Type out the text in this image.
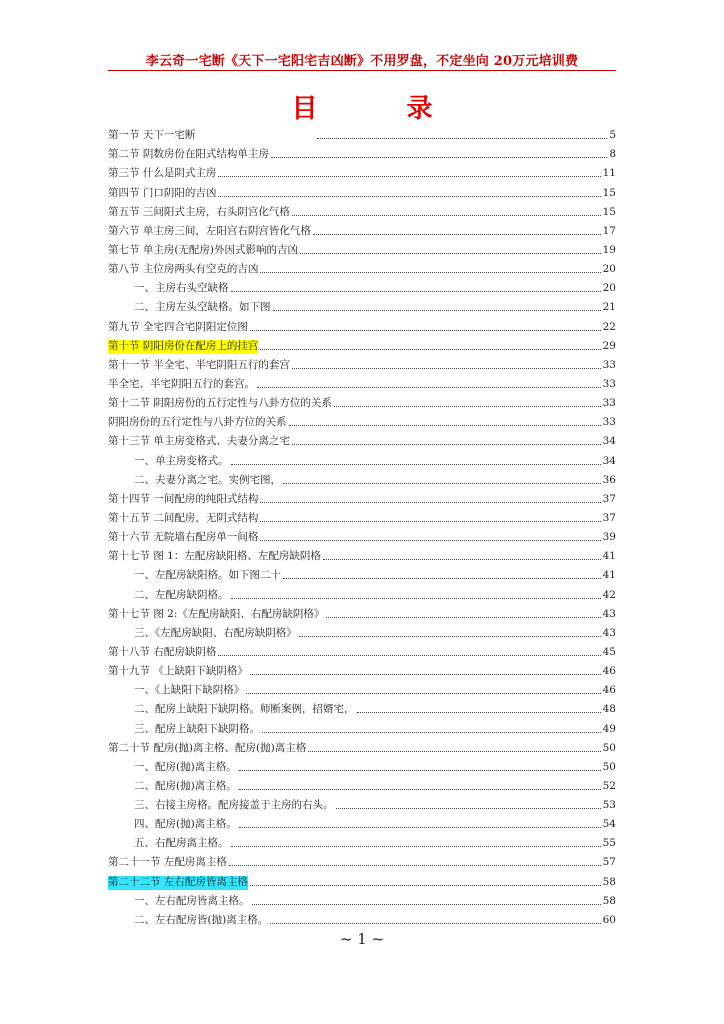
李云奇一宅断《天下一宅阳宅吉凶断》不用罗盘，不定坐向 20万元培训费
目 录
第一节 天下一宅断	5
第二节 阴数房份在阳式结构单主房	8
第三节 什么是阴式主房	11
第四节 门口阴阳的吉凶	15
第五节 三间阳式主房，右头阴宫化气格	15
第六节 单主房三间，左阳宫右阴宫皆化气格	17
第七节 单主房(无配房)外因式影响的吉凶	19
第八节 主位房两头有空克的吉凶	20
一、主房右头空缺格	20
二、主房左头空缺格。如下图	21
第九节 全宅四合宅阴阳定位图	22
第十节 阴阳房份在配房上的挂宫	29
第十一节 半全宅、半宅阴阳五行的套宫	33
半全宅、半宅阴阳五行的套宫。	33
第十二节 阴阳房份的五行定性与八卦方位的关系	33
阴阳房份的五行定性与八卦方位的关系	33
第十三节 单主房变格式、夫妻分离之宅	34
一、单主房变格式。	34
二、夫妻分离之宅。实例宅图，	36
第十四节 一间配房的纯阳式结构	37
第十五节 二间配房，无阴式结构	37
第十六节 无院墙右配房单一间格	39
第十七节 图 1：左配房缺阳格、左配房缺阴格	41
一、左配房缺阳格。如下图二十	41
二、左配房缺阴格。	42
第十七节 图 2:《左配房缺阳、右配房缺阴格》	43
三、《左配房缺阳、右配房缺阴格》	43
第十八节 右配房缺阴格	45
第十九节 《上缺阳下缺阴格》	46
一、《上缺阳下缺阴格》	46
二、配房上缺阳下缺阴格。师断案例，招婿宅，	48
三、配房上缺阳下缺阴格。	49
第二十节 配房(抛)离主格、配房(抛)离主格	50
一、配房(抛)离主格。	50
二、配房(抛)离主格。	52
三、右接主房格。配房接盖于主房的右头。	53
四、配房(抛)离主格。	54
五、右配房离主格。	55
第二十一节 左配房离主格	57
第二十二节 左右配房皆离主格	58
一、左右配房皆离主格。	58
二、左右配房皆(抛)离主格。	60
~ 1 ~
